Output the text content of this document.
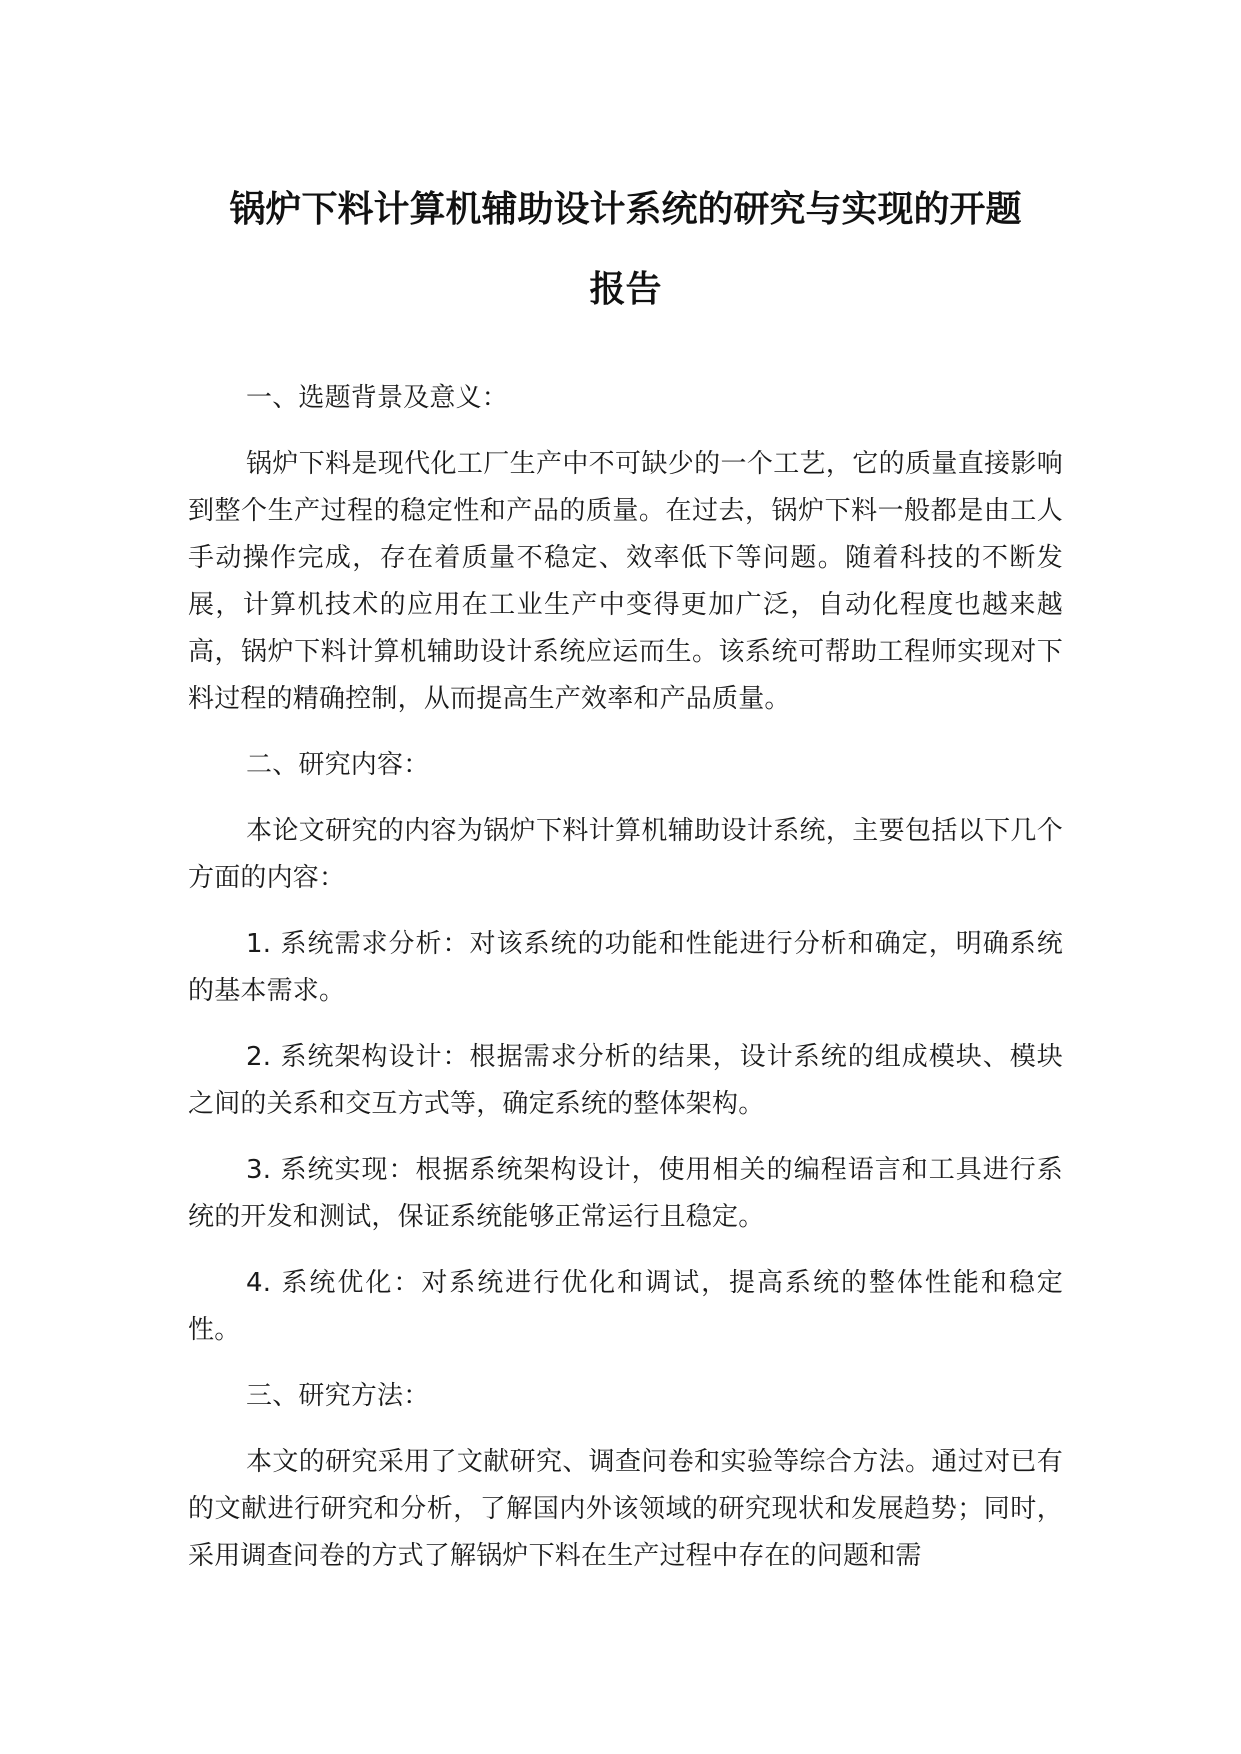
锅炉下料计算机辅助设计系统的研究与实现的开题
报告

一、选题背景及意义：

锅炉下料是现代化工厂生产中不可缺少的一个工艺，它的质量直接影响到整个生产过程的稳定性和产品的质量。在过去，锅炉下料一般都是由工人手动操作完成，存在着质量不稳定、效率低下等问题。随着科技的不断发展，计算机技术的应用在工业生产中变得更加广泛，自动化程度也越来越高，锅炉下料计算机辅助设计系统应运而生。该系统可帮助工程师实现对下料过程的精确控制，从而提高生产效率和产品质量。

二、研究内容：

本论文研究的内容为锅炉下料计算机辅助设计系统，主要包括以下几个方面的内容：

1. 系统需求分析：对该系统的功能和性能进行分析和确定，明确系统的基本需求。

2. 系统架构设计：根据需求分析的结果，设计系统的组成模块、模块之间的关系和交互方式等，确定系统的整体架构。

3. 系统实现：根据系统架构设计，使用相关的编程语言和工具进行系统的开发和测试，保证系统能够正常运行且稳定。

4. 系统优化：对系统进行优化和调试，提高系统的整体性能和稳定性。

三、研究方法：

本文的研究采用了文献研究、调查问卷和实验等综合方法。通过对已有的文献进行研究和分析，了解国内外该领域的研究现状和发展趋势；同时，采用调查问卷的方式了解锅炉下料在生产过程中存在的问题和需
